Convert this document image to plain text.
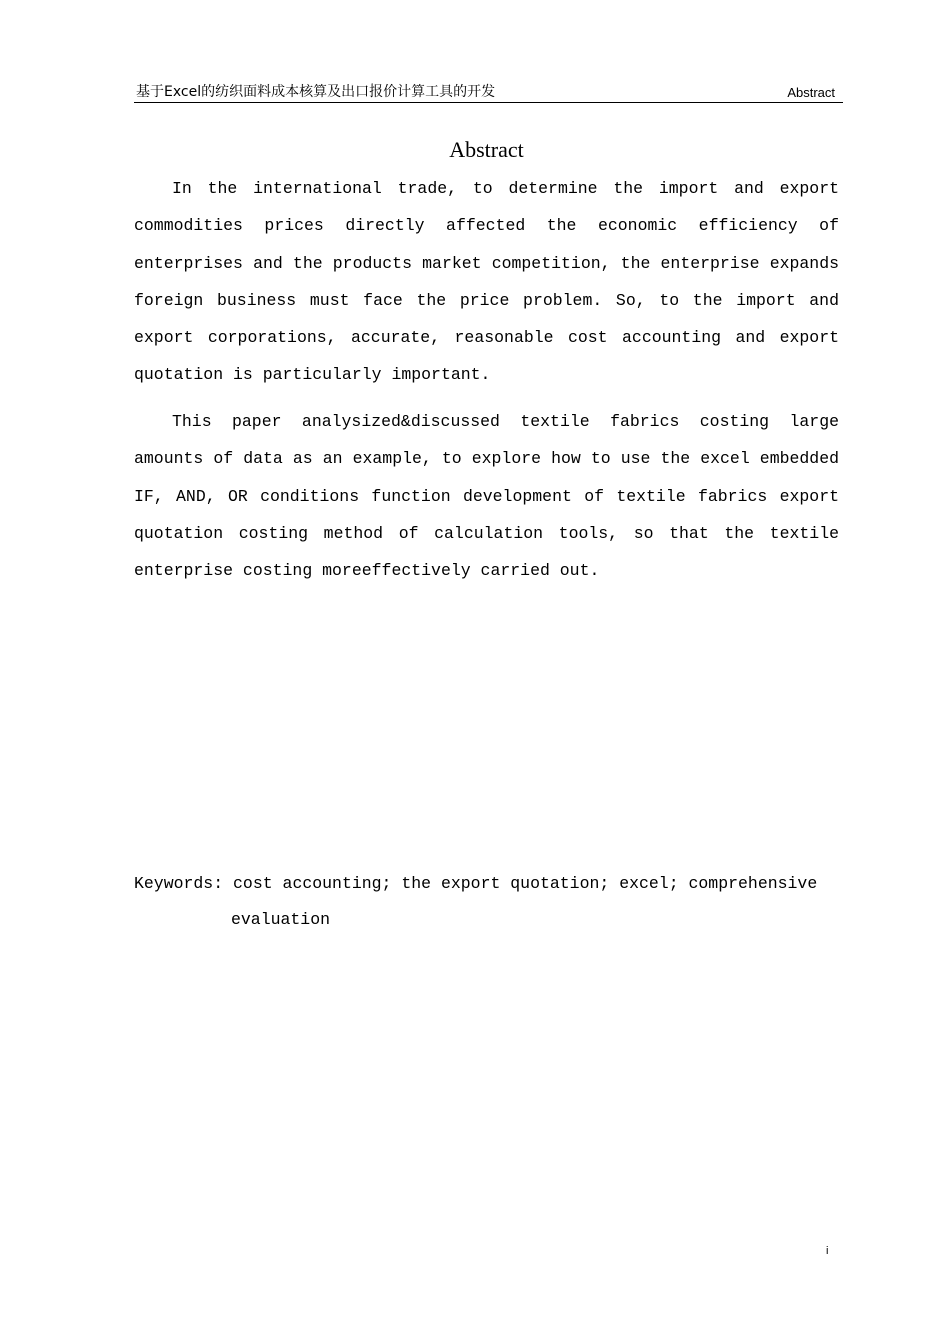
基于Excel的纺织面料成本核算及出口报价计算工具的开发	Abstract
Abstract

In the international trade, to determine the import and export commodities prices directly affected the economic efficiency of enterprises and the products market competition, the enterprise expands foreign business must face the price problem. So, to the import and export corporations, accurate, reasonable cost accounting and export quotation is particularly important.

This paper analysized&discussed textile fabrics costing large amounts of data as an example, to explore how to use the excel embedded IF, AND, OR conditions function development of textile fabrics export quotation costing method of calculation tools, so that the textile enterprise costing moreeffectively carried out.

Keywords: cost accounting; the export quotation; excel; comprehensive
evaluation
i
